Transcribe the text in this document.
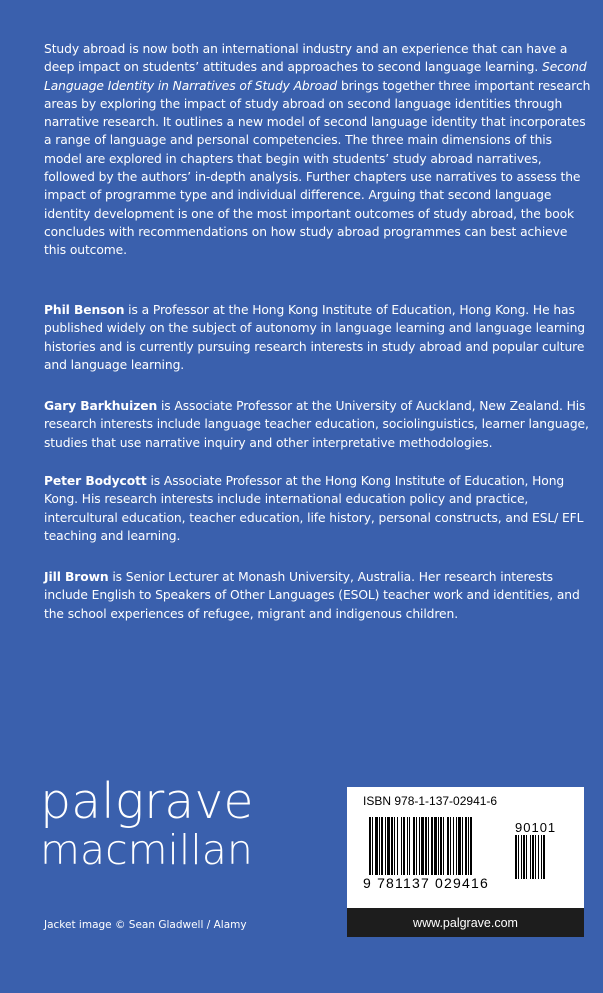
Study abroad is now both an international industry and an experience that can have a deep impact on students’ attitudes and approaches to second language learning. Second Language Identity in Narratives of Study Abroad brings together three important research areas by exploring the impact of study abroad on second language identities through narrative research. It outlines a new model of second language identity that incorporates a range of language and personal competencies. The three main dimensions of this model are explored in chapters that begin with students’ study abroad narratives, followed by the authors’ in-depth analysis. Further chapters use narratives to assess the impact of programme type and individual difference. Arguing that second language identity development is one of the most important outcomes of study abroad, the book concludes with recommendations on how study abroad programmes can best achieve this outcome.

Phil Benson is a Professor at the Hong Kong Institute of Education, Hong Kong. He has published widely on the subject of autonomy in language learning and language learning histories and is currently pursuing research interests in study abroad and popular culture and language learning.

Gary Barkhuizen is Associate Professor at the University of Auckland, New Zealand. His research interests include language teacher education, sociolinguistics, learner language, studies that use narrative inquiry and other interpretative methodologies.

Peter Bodycott is Associate Professor at the Hong Kong Institute of Education, Hong Kong. His research interests include international education policy and practice, intercultural education, teacher education, life history, personal constructs, and ESL/ EFL teaching and learning.

Jill Brown is Senior Lecturer at Monash University, Australia. Her research interests include English to Speakers of Other Languages (ESOL) teacher work and identities, and the school experiences of refugee, migrant and indigenous children.

palgrave
macmillan
Jacket image © Sean Gladwell / Alamy
ISBN 978-1-137-02941-6
90101
9 781137 029416
www.palgrave.com
